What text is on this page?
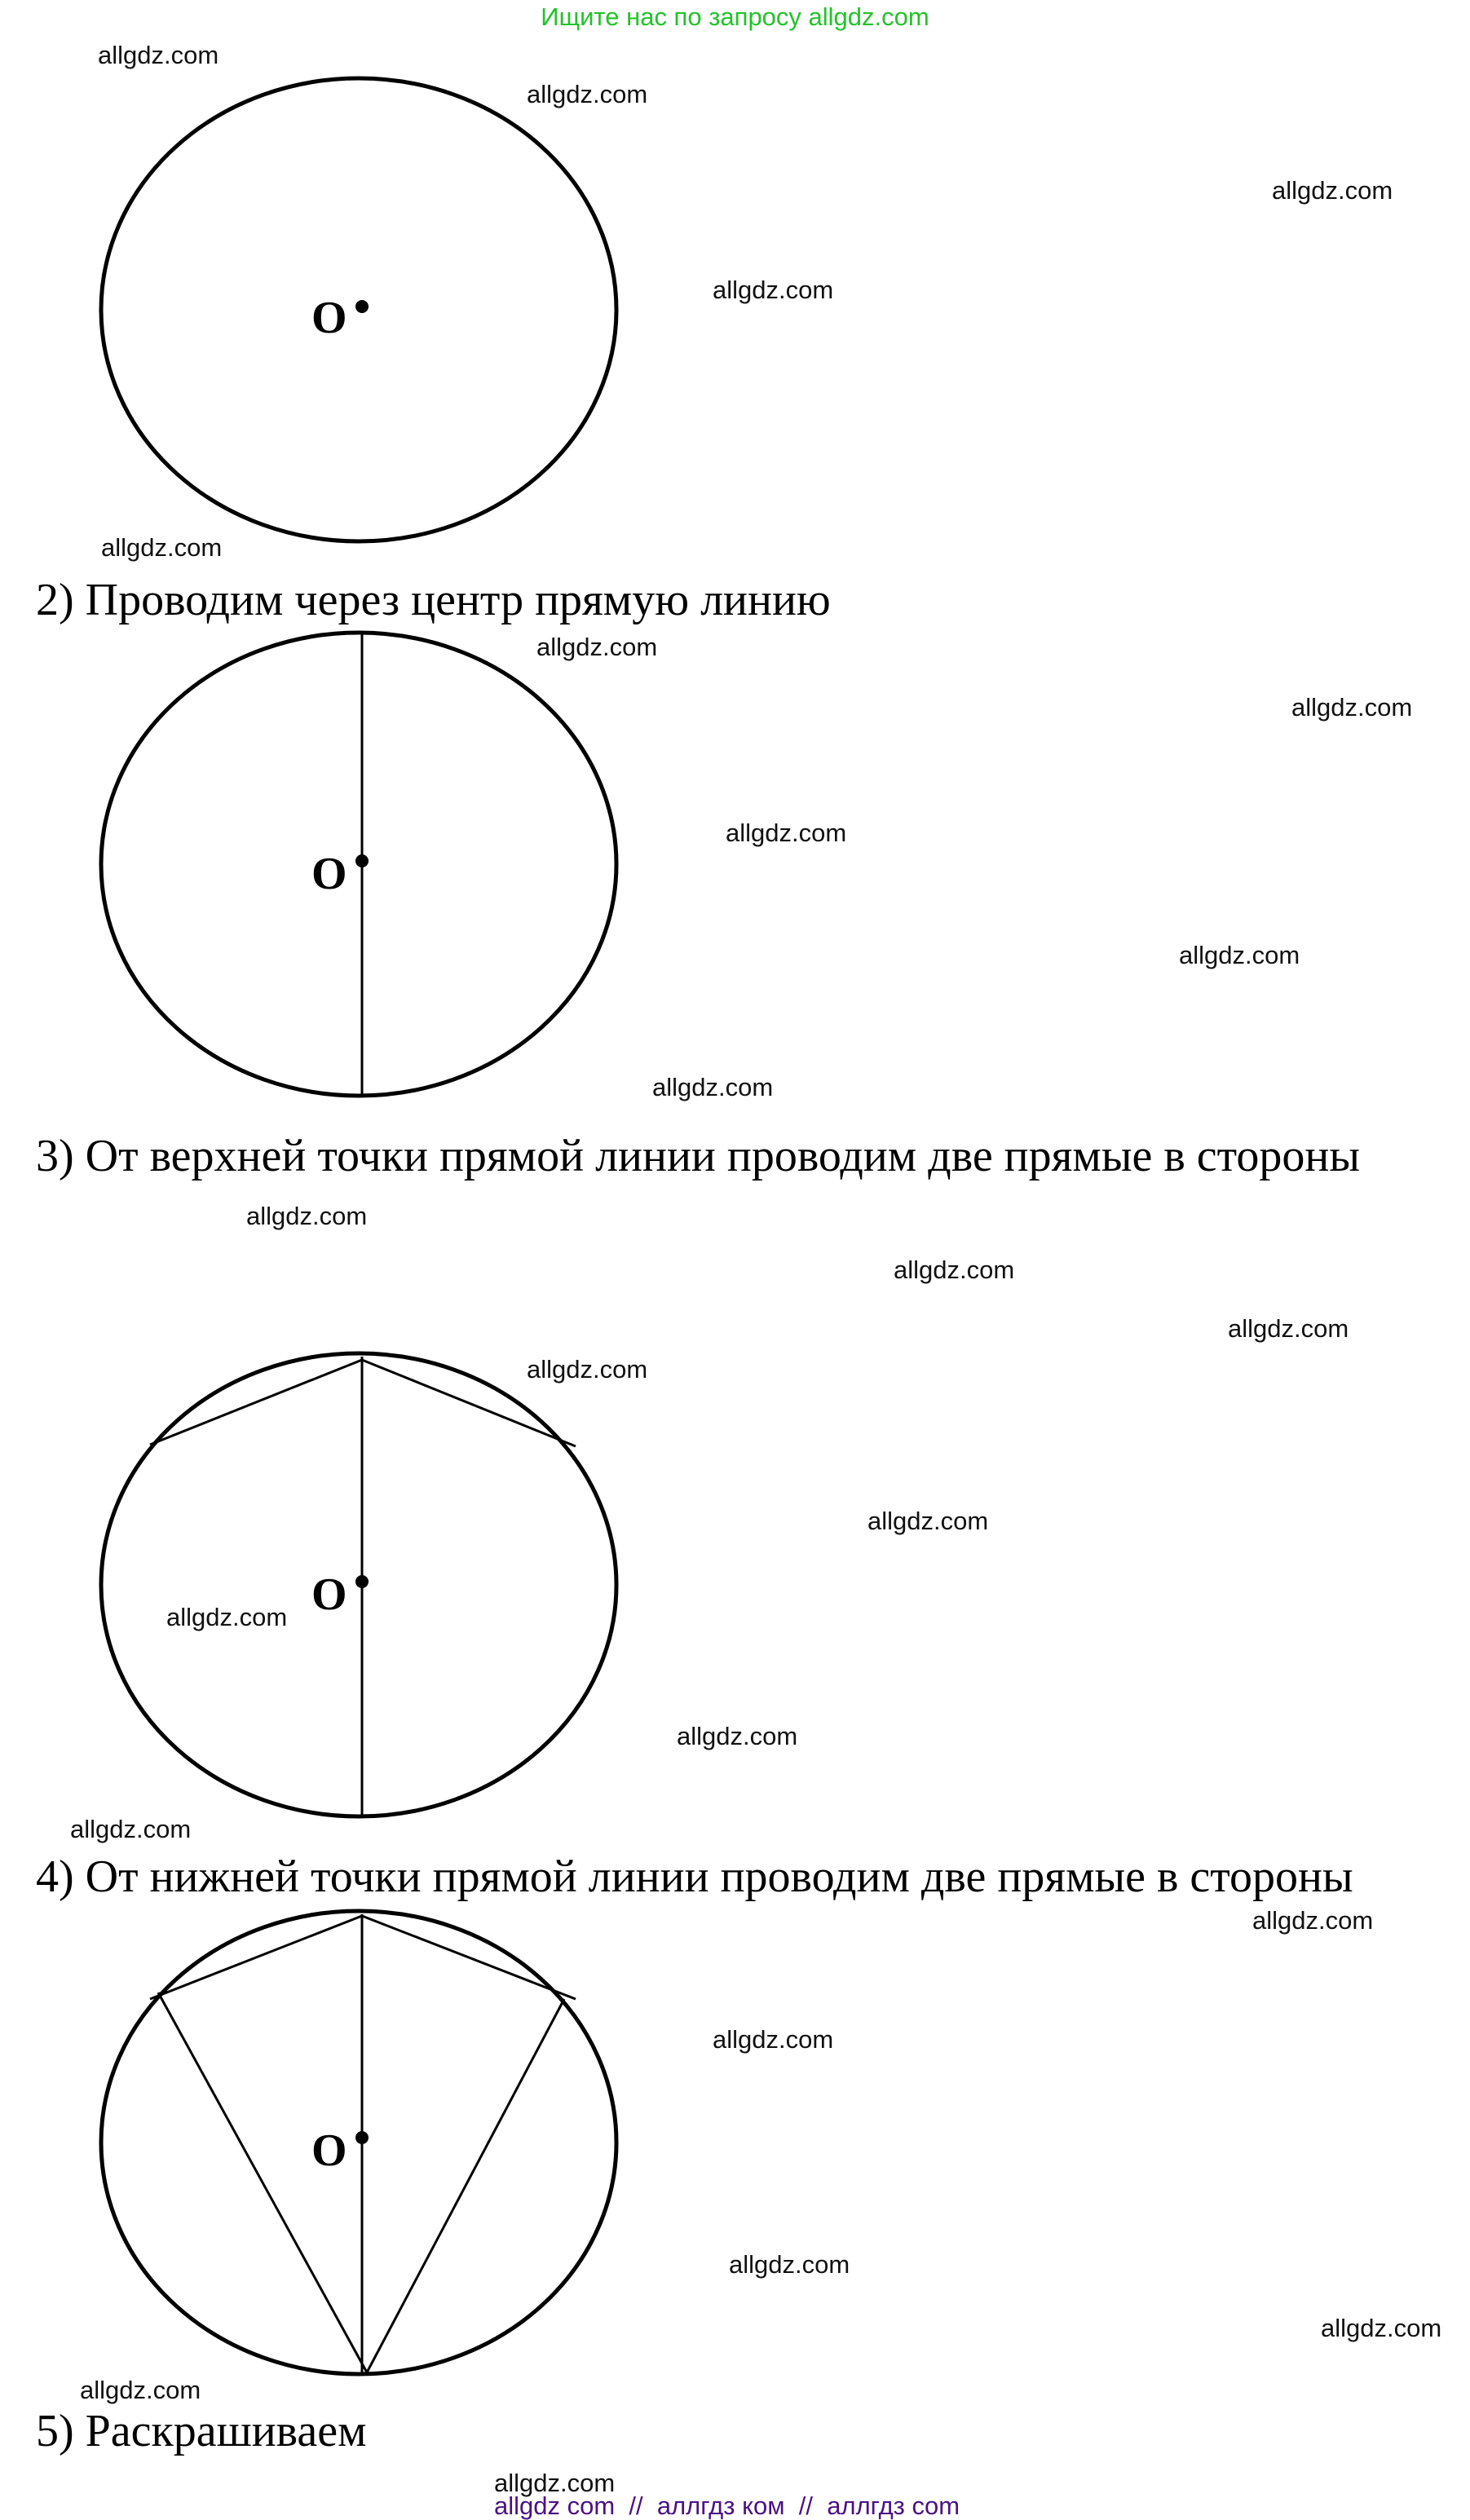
Ищите нас по запросу allgdz.com
O
O
O
O
2) Проводим через центр прямую линию
3) От верхней точки прямой линии проводим две прямые в стороны
4) От нижней точки прямой линии проводим две прямые в стороны
5) Раскрашиваем
allgdz.com
allgdz.com
allgdz.com
allgdz.com
allgdz.com
allgdz.com
allgdz.com
allgdz.com
allgdz.com
allgdz.com
allgdz.com
allgdz.com
allgdz.com
allgdz.com
allgdz.com
allgdz.com
allgdz.com
allgdz.com
allgdz.com
allgdz.com
allgdz.com
allgdz.com
allgdz.com
allgdz.com
allgdz com  //  аллгдз ком  //  аллгдз com
